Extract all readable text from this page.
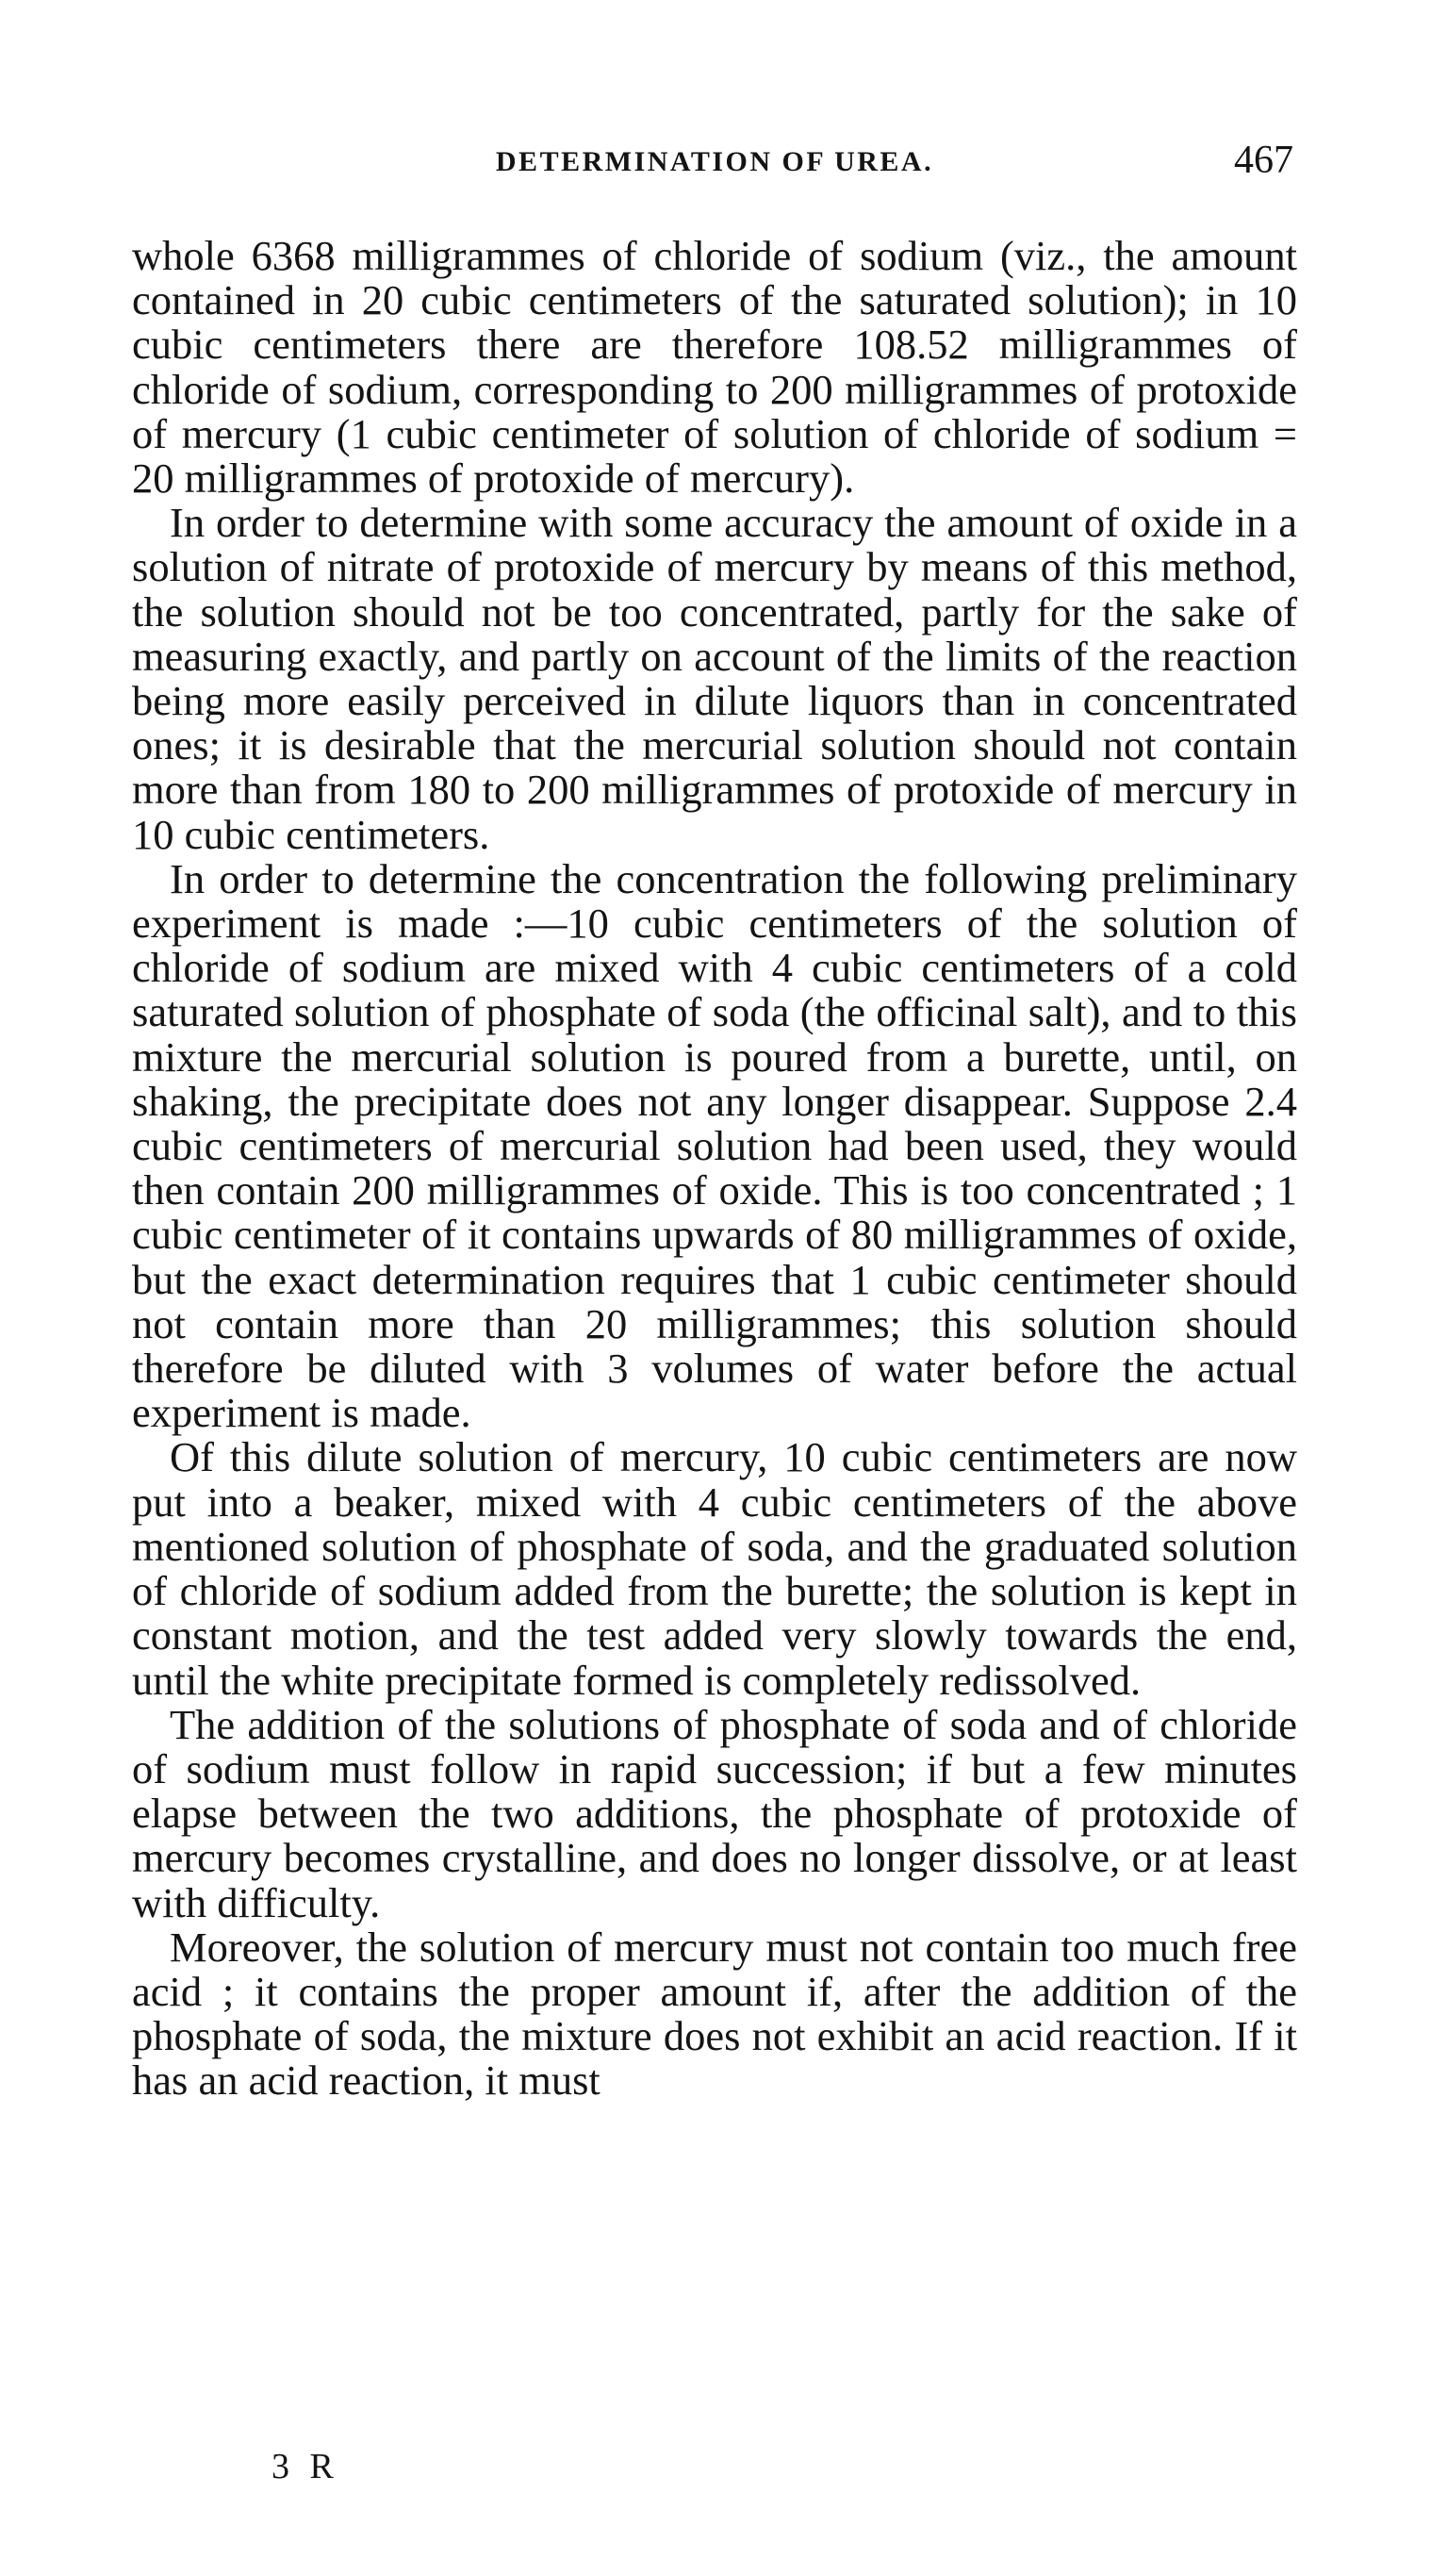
DETERMINATION OF UREA.	467

whole 6368 milligrammes of chloride of sodium (viz., the amount contained in 20 cubic centimeters of the saturated solution); in 10 cubic centimeters there are therefore 108.52 milligrammes of chloride of sodium, corresponding to 200 milligrammes of protoxide of mercury (1 cubic centimeter of solution of chloride of sodium = 20 milligrammes of protoxide of mercury).

In order to determine with some accuracy the amount of oxide in a solution of nitrate of protoxide of mercury by means of this method, the solution should not be too concentrated, partly for the sake of measuring exactly, and partly on account of the limits of the reaction being more easily perceived in dilute liquors than in concentrated ones; it is desirable that the mercurial solution should not contain more than from 180 to 200 milligrammes of protoxide of mercury in 10 cubic centimeters.

In order to determine the concentration the following preliminary experiment is made :—10 cubic centimeters of the solution of chloride of sodium are mixed with 4 cubic centimeters of a cold saturated solution of phosphate of soda (the officinal salt), and to this mixture the mercurial solution is poured from a burette, until, on shaking, the precipitate does not any longer disappear. Suppose 2.4 cubic centimeters of mercurial solution had been used, they would then contain 200 milligrammes of oxide. This is too concentrated ; 1 cubic centimeter of it contains upwards of 80 milligrammes of oxide, but the exact determination requires that 1 cubic centimeter should not contain more than 20 milligrammes; this solution should therefore be diluted with 3 volumes of water before the actual experiment is made.

Of this dilute solution of mercury, 10 cubic centimeters are now put into a beaker, mixed with 4 cubic centimeters of the above mentioned solution of phosphate of soda, and the graduated solution of chloride of sodium added from the burette; the solution is kept in constant motion, and the test added very slowly towards the end, until the white precipitate formed is completely redissolved.

The addition of the solutions of phosphate of soda and of chloride of sodium must follow in rapid succession; if but a few minutes elapse between the two additions, the phosphate of protoxide of mercury becomes crystalline, and does no longer dissolve, or at least with difficulty.

Moreover, the solution of mercury must not contain too much free acid ; it contains the proper amount if, after the addition of the phosphate of soda, the mixture does not exhibit an acid reaction. If it has an acid reaction, it must

3 R
